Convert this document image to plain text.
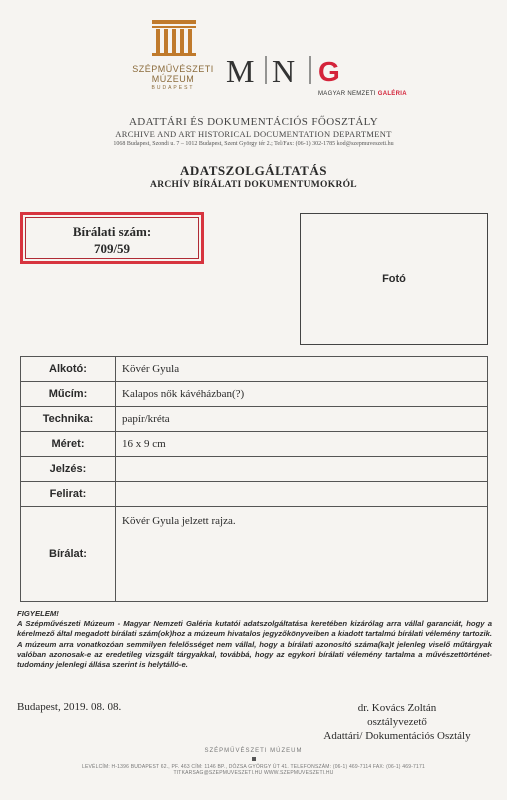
SZÉPMŰVÉSZETI
MÚZEUM
BUDAPEST M N G
MAGYAR NEMZETI GALÉRIA
ADATTÁRI ÉS DOKUMENTÁCIÓS FŐOSZTÁLY
ARCHIVE AND ART HISTORICAL DOCUMENTATION DEPARTMENT
1068 Budapest, Szondi u. 7 – 1012 Budapest, Szent György tér 2.; Tel/Fax: (06-1) 302-1785 kod@szepmuveszeti.hu
ADATSZOLGÁLTATÁS
ARCHÍV BÍRÁLATI DOKUMENTUMOKRÓL
Bírálati szám:
709/59
Fotó
Alkotó:	Kövér Gyula
Műcím:	Kalapos nők kávéházban(?)
Technika:	papír/kréta
Méret:	16 x 9 cm
Jelzés:	
Felirat:	
Bírálat:	Kövér Gyula jelzett rajza.
FIGYELEM!
A Szépművészeti Múzeum - Magyar Nemzeti Galéria kutatói adatszolgáltatása keretében kizárólag arra vállal garanciát, hogy a kérelmező által megadott bírálati szám(ok)hoz a múzeum hivatalos jegyzőkönyveiben a kiadott tartalmú bírálati vélemény tartozik. A múzeum arra vonatkozóan semmilyen felelősséget nem vállal, hogy a bírálati azonosító száma(ka)t jelenleg viselő műtárgyak valóban azonosak-e az eredetileg vizsgált tárgyakkal, továbbá, hogy az egykori bírálati vélemény tartalma a művészettörténet-tudomány jelenlegi állása szerint is helytálló-e.
Budapest, 2019. 08. 08.	dr. Kovács Zoltán
osztályvezető
Adattári/ Dokumentációs Osztály
SZÉPMŰVÉSZETI MÚZEUM
LEVÉLCÍM: H-1396 BUDAPEST 62., PF. 463 CÍM: 1146 BP., DÓZSA GYÖRGY ÚT 41. TELEFONSZÁM: (06-1) 469-7114 FAX: (06-1) 469-7171
TITKARSAG@SZEPMUVESZETI.HU WWW.SZEPMUVESZETI.HU
